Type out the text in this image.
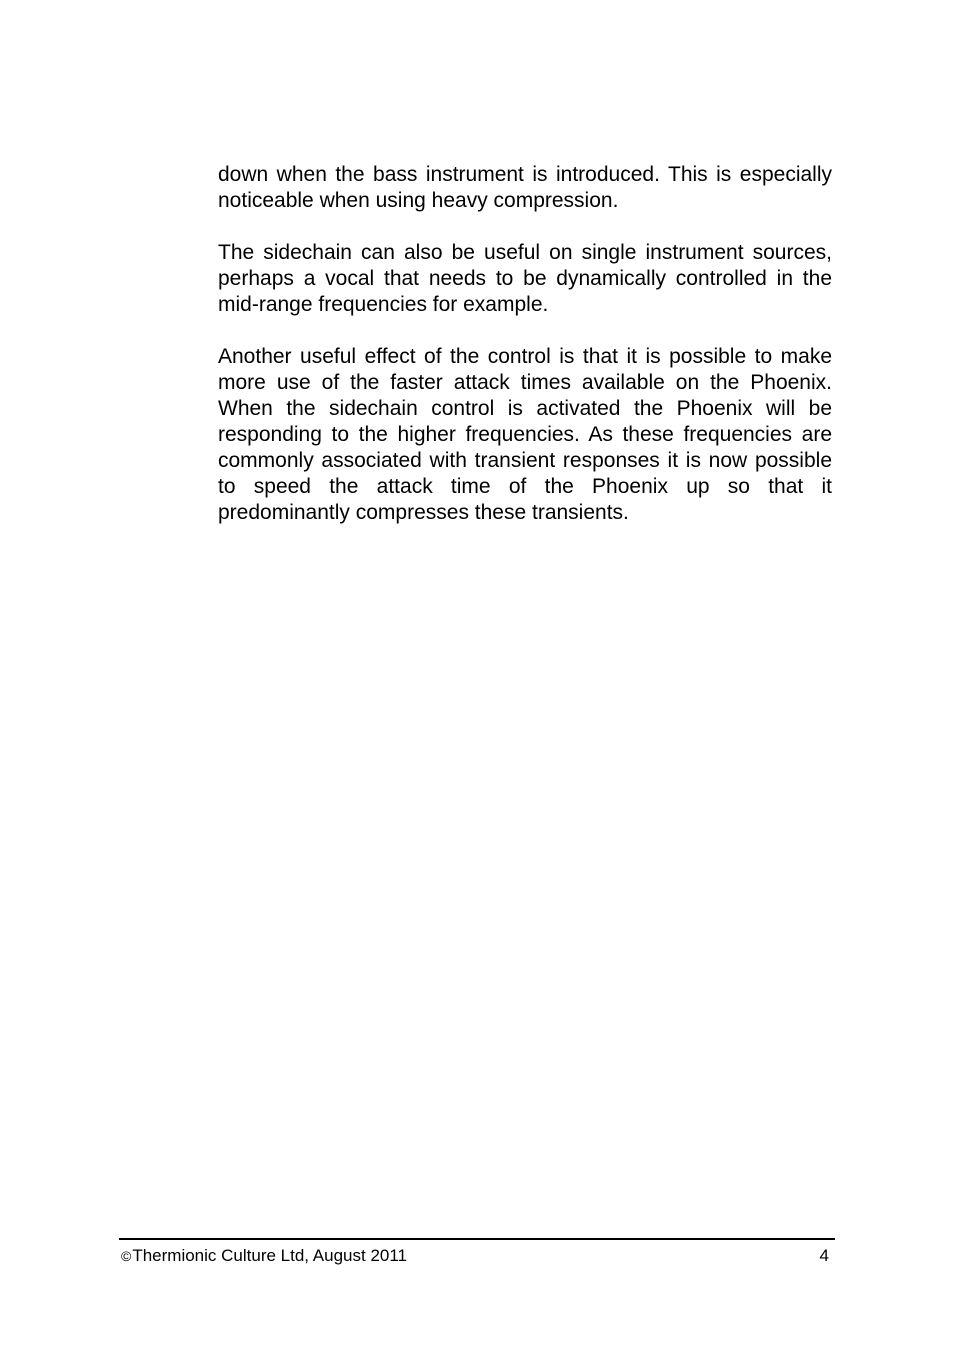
down when the bass instrument is introduced. This is especially noticeable when using heavy compression.

The sidechain can also be useful on single instrument sources, perhaps a vocal that needs to be dynamically controlled in the mid-range frequencies for example.

Another useful effect of the control is that it is possible to make more use of the faster attack times available on the Phoenix. When the sidechain control is activated the Phoenix will be responding to the higher frequencies. As these frequencies are commonly associated with transient responses it is now possible to speed the attack time of the Phoenix up so that it predominantly compresses these transients.

©Thermionic Culture Ltd, August 2011	4
